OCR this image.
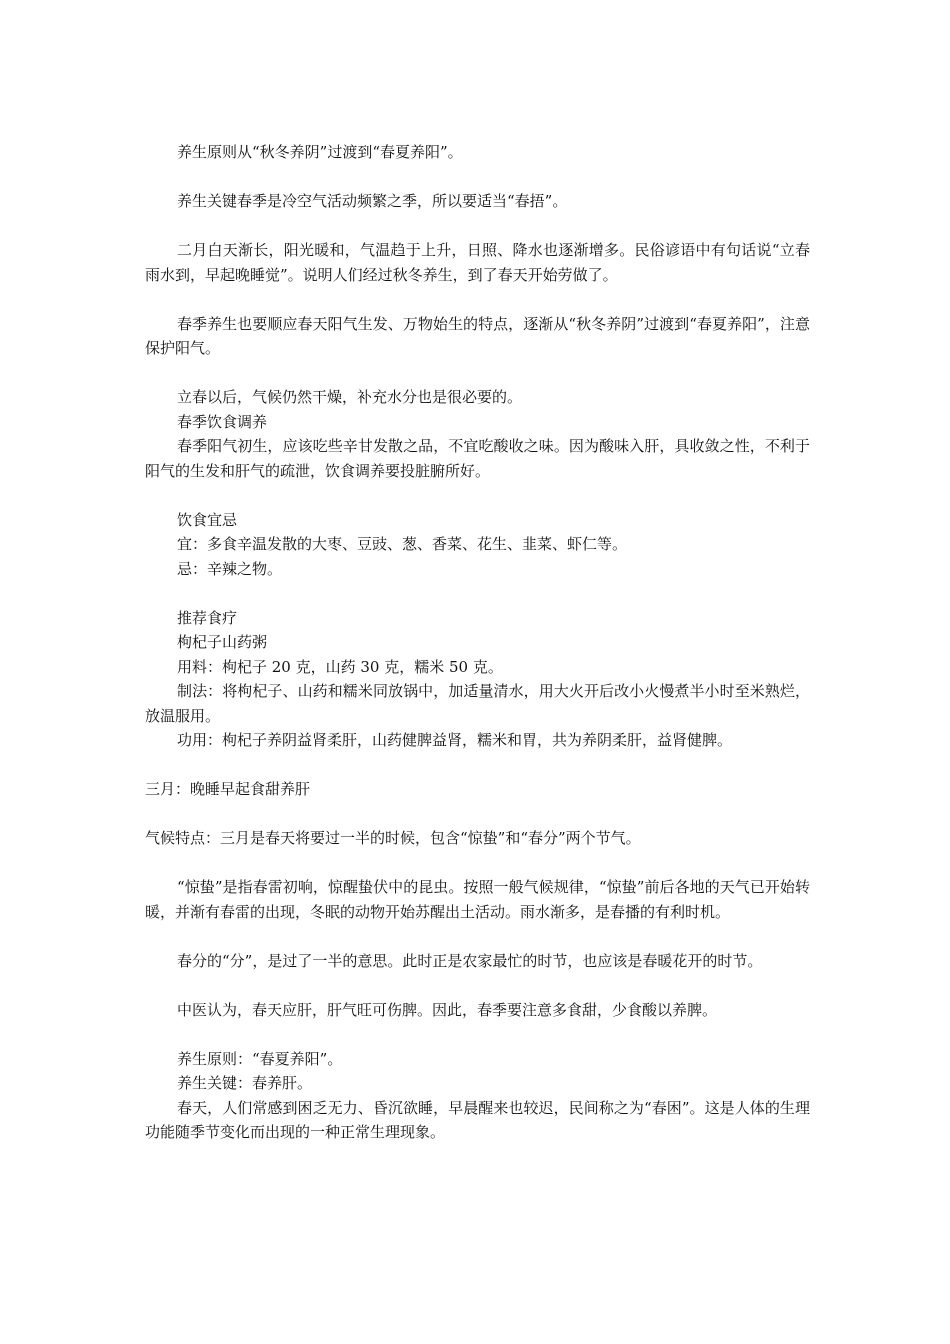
养生原则从“秋冬养阴”过渡到“春夏养阳”。

养生关键春季是冷空气活动频繁之季，所以要适当“春捂”。

二月白天渐长，阳光暖和，气温趋于上升，日照、降水也逐渐增多。民俗谚语中有句话说“立春雨水到，早起晚睡觉”。说明人们经过秋冬养生，到了春天开始劳做了。

春季养生也要顺应春天阳气生发、万物始生的特点，逐渐从“秋冬养阴”过渡到“春夏养阳”，注意保护阳气。

立春以后，气候仍然干燥，补充水分也是很必要的。

春季饮食调养

春季阳气初生，应该吃些辛甘发散之品，不宜吃酸收之味。因为酸味入肝，具收敛之性，不利于阳气的生发和肝气的疏泄，饮食调养要投脏腑所好。

饮食宜忌

宜：多食辛温发散的大枣、豆豉、葱、香菜、花生、韭菜、虾仁等。

忌：辛辣之物。

推荐食疗

枸杞子山药粥

用料：枸杞子 20 克，山药 30 克，糯米 50 克。

制法：将枸杞子、山药和糯米同放锅中，加适量清水，用大火开后改小火慢煮半小时至米熟烂，放温服用。

功用：枸杞子养阴益肾柔肝，山药健脾益肾，糯米和胃，共为养阴柔肝，益肾健脾。

三月：晚睡早起食甜养肝

气候特点：三月是春天将要过一半的时候，包含“惊蛰”和“春分”两个节气。

“惊蛰”是指春雷初响，惊醒蛰伏中的昆虫。按照一般气候规律，“惊蛰”前后各地的天气已开始转暖，并渐有春雷的出现，冬眠的动物开始苏醒出土活动。雨水渐多，是春播的有利时机。

春分的“分”，是过了一半的意思。此时正是农家最忙的时节，也应该是春暖花开的时节。

中医认为，春天应肝，肝气旺可伤脾。因此，春季要注意多食甜，少食酸以养脾。

养生原则：“春夏养阳”。

养生关键：春养肝。

春天，人们常感到困乏无力、昏沉欲睡，早晨醒来也较迟，民间称之为“春困”。这是人体的生理功能随季节变化而出现的一种正常生理现象。
